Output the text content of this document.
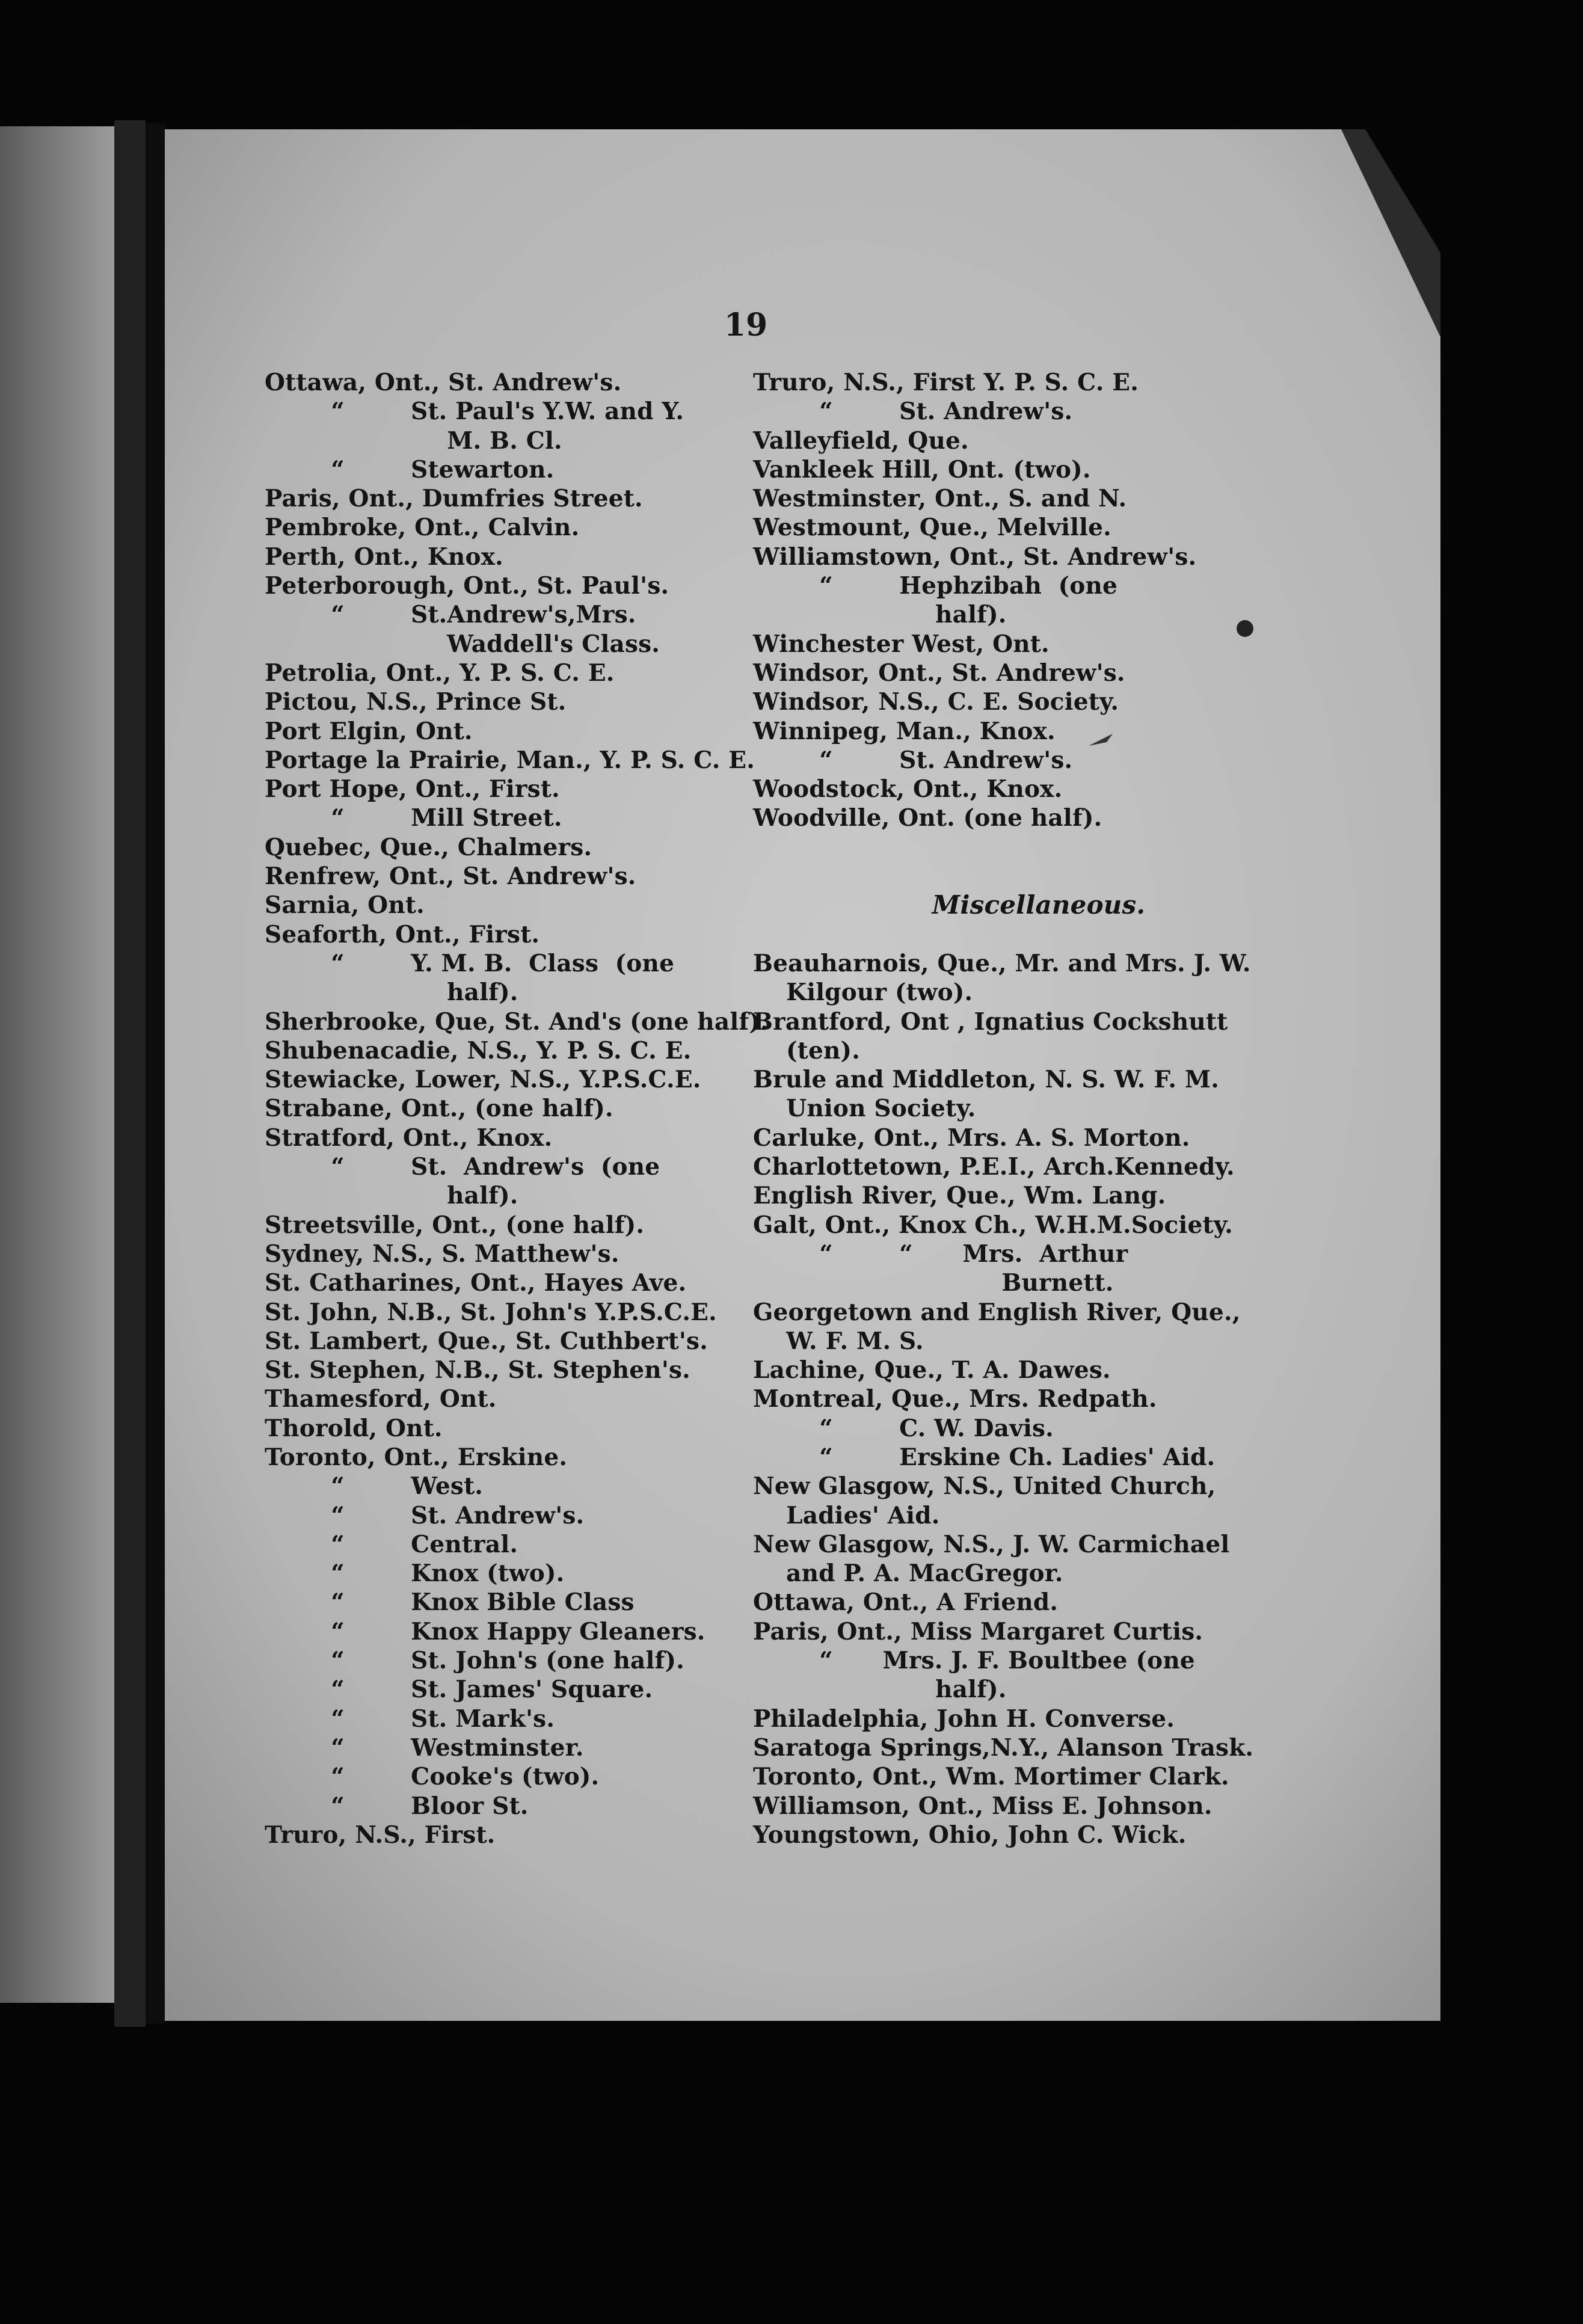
19
Ottawa, Ont., St. Andrew's.
“        St. Paul's Y.W. and Y.
M. B. Cl.
“        Stewarton.
Paris, Ont., Dumfries Street.
Pembroke, Ont., Calvin.
Perth, Ont., Knox.
Peterborough, Ont., St. Paul's.
“        St.Andrew's,Mrs.
Waddell's Class.
Petrolia, Ont., Y. P. S. C. E.
Pictou, N.S., Prince St.
Port Elgin, Ont.
Portage la Prairie, Man., Y. P. S. C. E.
Port Hope, Ont., First.
“        Mill Street.
Quebec, Que., Chalmers.
Renfrew, Ont., St. Andrew's.
Sarnia, Ont.
Seaforth, Ont., First.
“        Y. M. B.  Class  (one
half).
Sherbrooke, Que, St. And's (one half).
Shubenacadie, N.S., Y. P. S. C. E.
Stewiacke, Lower, N.S., Y.P.S.C.E.
Strabane, Ont., (one half).
Stratford, Ont., Knox.
“        St.  Andrew's  (one
half).
Streetsville, Ont., (one half).
Sydney, N.S., S. Matthew's.
St. Catharines, Ont., Hayes Ave.
St. John, N.B., St. John's Y.P.S.C.E.
St. Lambert, Que., St. Cuthbert's.
St. Stephen, N.B., St. Stephen's.
Thamesford, Ont.
Thorold, Ont.
Toronto, Ont., Erskine.
“        West.
“        St. Andrew's.
“        Central.
“        Knox (two).
“        Knox Bible Class
“        Knox Happy Gleaners.
“        St. John's (one half).
“        St. James' Square.
“        St. Mark's.
“        Westminster.
“        Cooke's (two).
“        Bloor St.
Truro, N.S., First.
Truro, N.S., First Y. P. S. C. E.
“        St. Andrew's.
Valleyfield, Que.
Vankleek Hill, Ont. (two).
Westminster, Ont., S. and N.
Westmount, Que., Melville.
Williamstown, Ont., St. Andrew's.
“        Hephzibah  (one
half).
Winchester West, Ont.
Windsor, Ont., St. Andrew's.
Windsor, N.S., C. E. Society.
Winnipeg, Man., Knox.
“        St. Andrew's.
Woodstock, Ont., Knox.
Woodville, Ont. (one half).
Miscellaneous.
Beauharnois, Que., Mr. and Mrs. J. W.
Kilgour (two).
Brantford, Ont , Ignatius Cockshutt
(ten).
Brule and Middleton, N. S. W. F. M.
Union Society.
Carluke, Ont., Mrs. A. S. Morton.
Charlottetown, P.E.I., Arch.Kennedy.
English River, Que., Wm. Lang.
Galt, Ont., Knox Ch., W.H.M.Society.
“        “      Mrs.  Arthur
Burnett.
Georgetown and English River, Que.,
W. F. M. S.
Lachine, Que., T. A. Dawes.
Montreal, Que., Mrs. Redpath.
“        C. W. Davis.
“        Erskine Ch. Ladies' Aid.
New Glasgow, N.S., United Church,
Ladies' Aid.
New Glasgow, N.S., J. W. Carmichael
and P. A. MacGregor.
Ottawa, Ont., A Friend.
Paris, Ont., Miss Margaret Curtis.
“      Mrs. J. F. Boultbee (one
half).
Philadelphia, John H. Converse.
Saratoga Springs,N.Y., Alanson Trask.
Toronto, Ont., Wm. Mortimer Clark.
Williamson, Ont., Miss E. Johnson.
Youngstown, Ohio, John C. Wick.
